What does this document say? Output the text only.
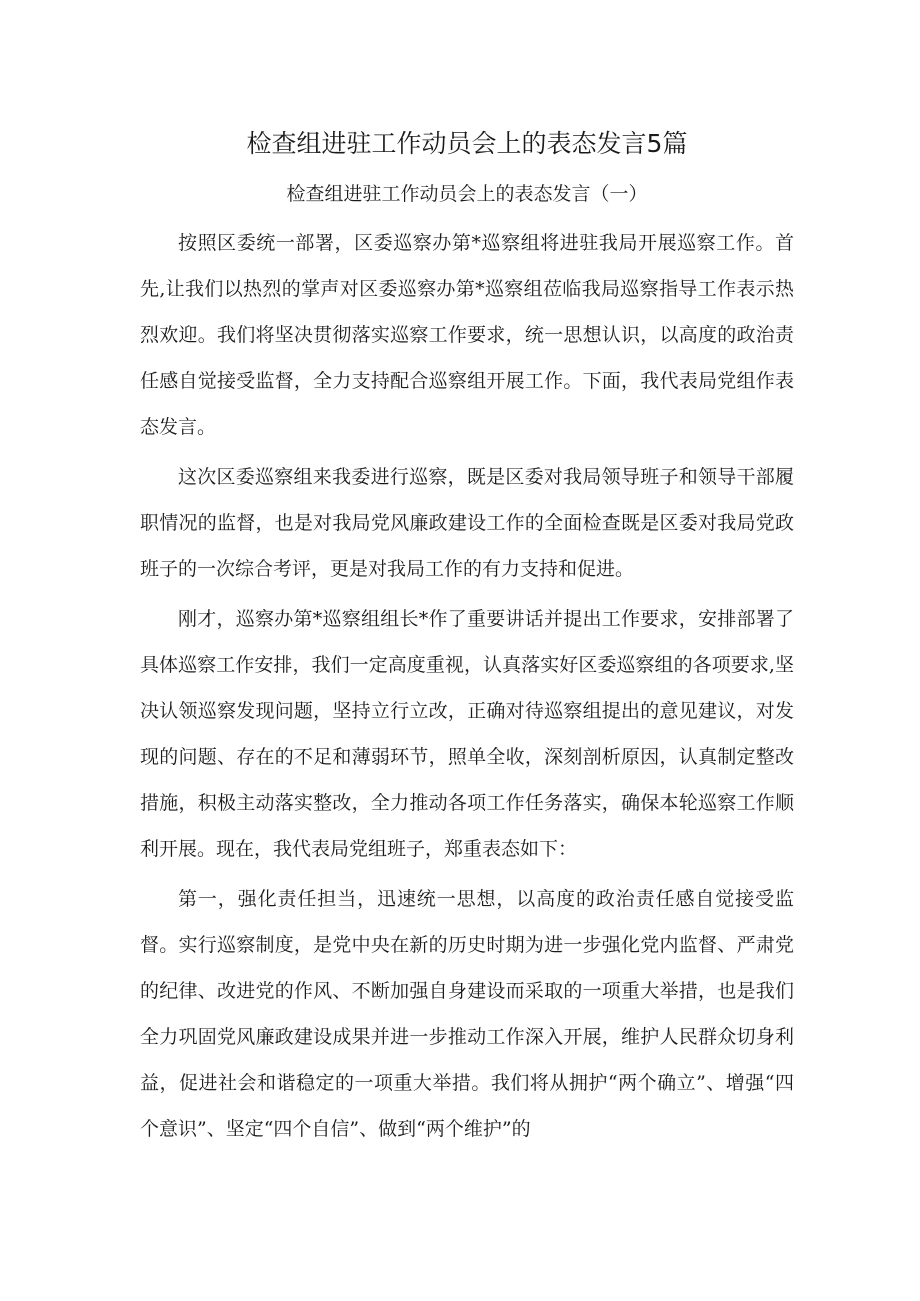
检查组进驻工作动员会上的表态发言5篇
检查组进驻工作动员会上的表态发言（一）

按照区委统一部署，区委巡察办第*巡察组将进驻我局开展巡察工作。首先,让我们以热烈的掌声对区委巡察办第*巡察组莅临我局巡察指导工作表示热烈欢迎。我们将坚决贯彻落实巡察工作要求，统一思想认识，以高度的政治责任感自觉接受监督，全力支持配合巡察组开展工作。下面，我代表局党组作表态发言。

这次区委巡察组来我委进行巡察，既是区委对我局领导班子和领导干部履职情况的监督，也是对我局党风廉政建设工作的全面检查既是区委对我局党政班子的一次综合考评，更是对我局工作的有力支持和促进。

刚才，巡察办第*巡察组组长*作了重要讲话并提出工作要求，安排部署了具体巡察工作安排，我们一定高度重视，认真落实好区委巡察组的各项要求,坚决认领巡察发现问题，坚持立行立改，正确对待巡察组提出的意见建议，对发现的问题、存在的不足和薄弱环节，照单全收，深刻剖析原因，认真制定整改措施，积极主动落实整改，全力推动各项工作任务落实，确保本轮巡察工作顺利开展。现在，我代表局党组班子，郑重表态如下：

第一，强化责任担当，迅速统一思想，以高度的政治责任感自觉接受监督。实行巡察制度，是党中央在新的历史时期为进一步强化党内监督、严肃党的纪律、改进党的作风、不断加强自身建设而采取的一项重大举措，也是我们全力巩固党风廉政建设成果并进一步推动工作深入开展，维护人民群众切身利益，促进社会和谐稳定的一项重大举措。我们将从拥护“两个确立”、增强“四个意识”、坚定“四个自信”、做到“两个维护”的
